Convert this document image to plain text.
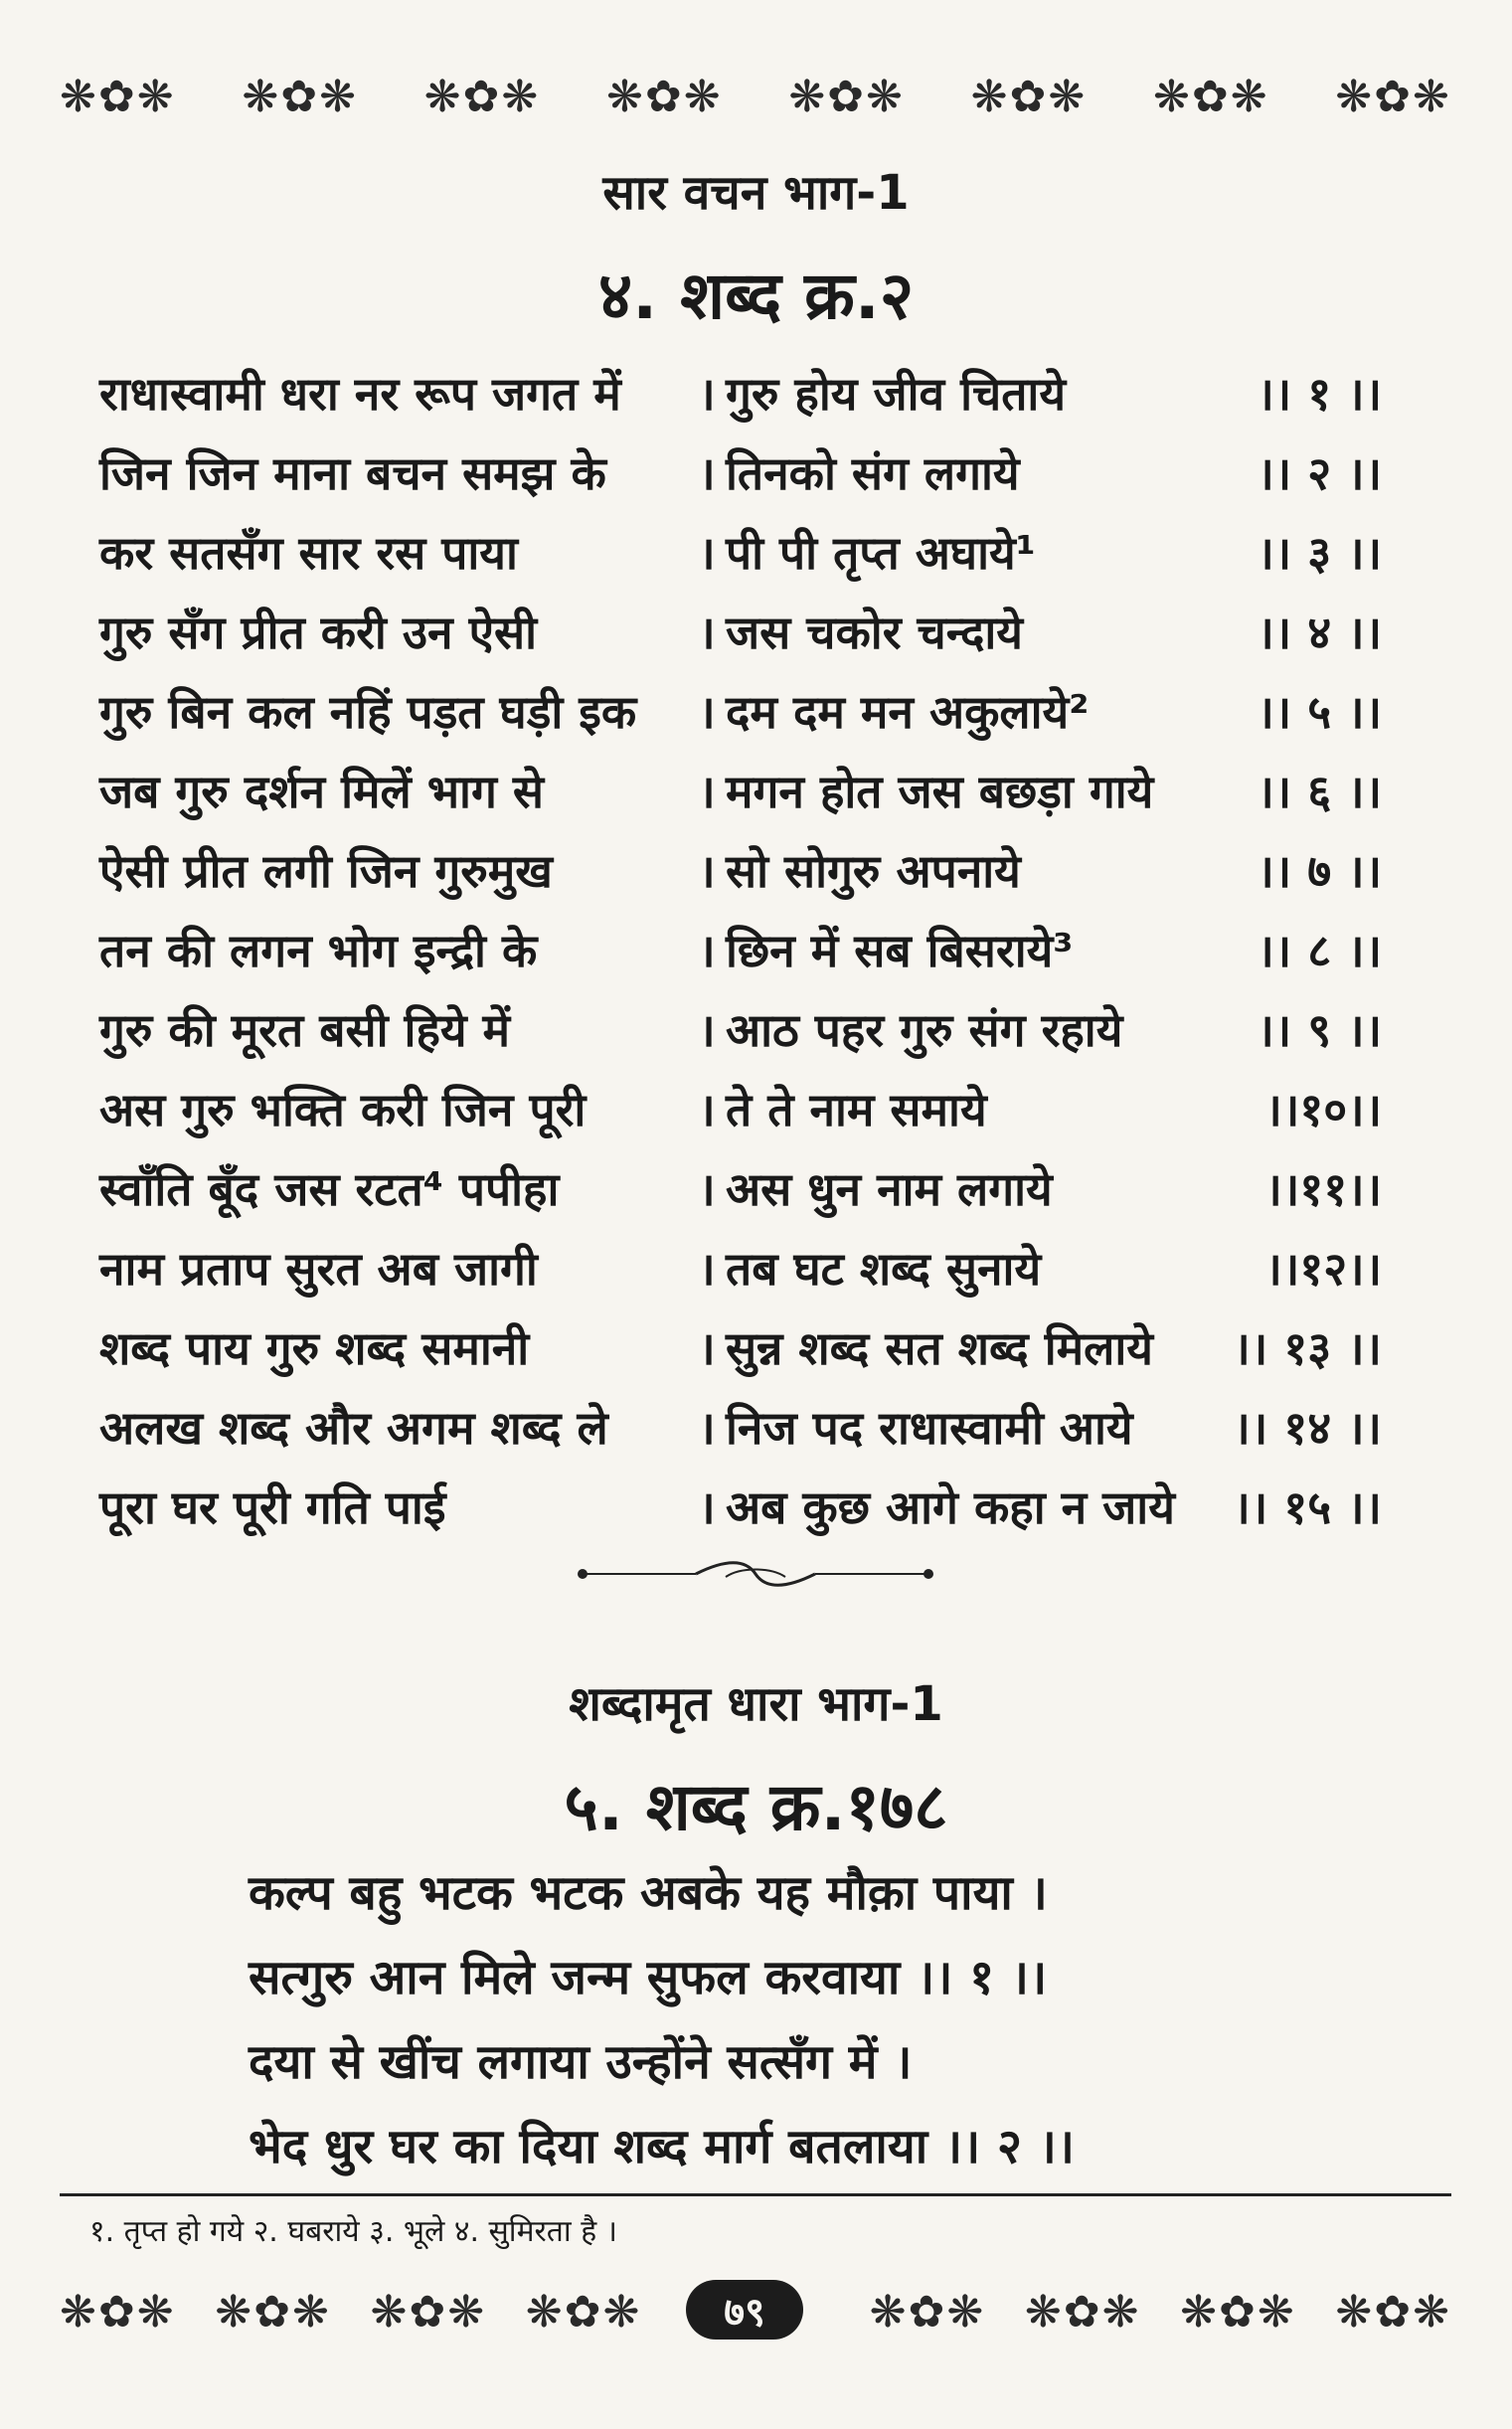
❋✿❋ ❋✿❋ ❋✿❋ ❋✿❋ ❋✿❋ ❋✿❋ ❋✿❋ ❋✿❋
सार वचन भाग-1
४. शब्द क्र.२
राधास्वामी धरा नर रूप जगत में	। गुरु होय जीव चिताये	।। १ ।।
जिन जिन माना बचन समझ के	। तिनको संग लगाये	।। २ ।।
कर सतसँग सार रस पाया	। पी पी तृप्त अघाये¹	।। ३ ।।
गुरु सँग प्रीत करी उन ऐसी	। जस चकोर चन्दाये	।। ४ ।।
गुरु बिन कल नहिं पड़त घड़ी इक	। दम दम मन अकुलाये²	।। ५ ।।
जब गुरु दर्शन मिलें भाग से	। मगन होत जस बछड़ा गाये	।। ६ ।।
ऐसी प्रीत लगी जिन गुरुमुख	। सो सोगुरु अपनाये	।। ७ ।।
तन की लगन भोग इन्द्री के	। छिन में सब बिसराये³	।। ८ ।।
गुरु की मूरत बसी हिये में	। आठ पहर गुरु संग रहाये	।। ९ ।।
अस गुरु भक्ति करी जिन पूरी	। ते ते नाम समाये	।।१०।।
स्वाँति बूँद जस रटत⁴ पपीहा	। अस धुन नाम लगाये	।।११।।
नाम प्रताप सुरत अब जागी	। तब घट शब्द सुनाये	।।१२।।
शब्द पाय गुरु शब्द समानी	। सुन्न शब्द सत शब्द मिलाये	।। १३ ।।
अलख शब्द और अगम शब्द ले	। निज पद राधास्वामी आये	।। १४ ।।
पूरा घर पूरी गति पाई	। अब कुछ आगे कहा न जाये	।। १५ ।।
शब्दामृत धारा भाग-1
५. शब्द क्र.१७८
कल्प बहु भटक भटक अबके यह मौक़ा पाया ।
सत्गुरु आन मिले जन्म सुफल करवाया ।। १ ।।
दया से खींच लगाया उन्होंने सत्सँग में ।
भेद धुर घर का दिया शब्द मार्ग बतलाया ।। २ ।।
१. तृप्त हो गये २. घबराये ३. भूले ४. सुमिरता है ।
❋✿❋ ❋✿❋ ❋✿❋ ❋✿❋	❋✿❋ ❋✿❋ ❋✿❋ ❋✿❋
७९
